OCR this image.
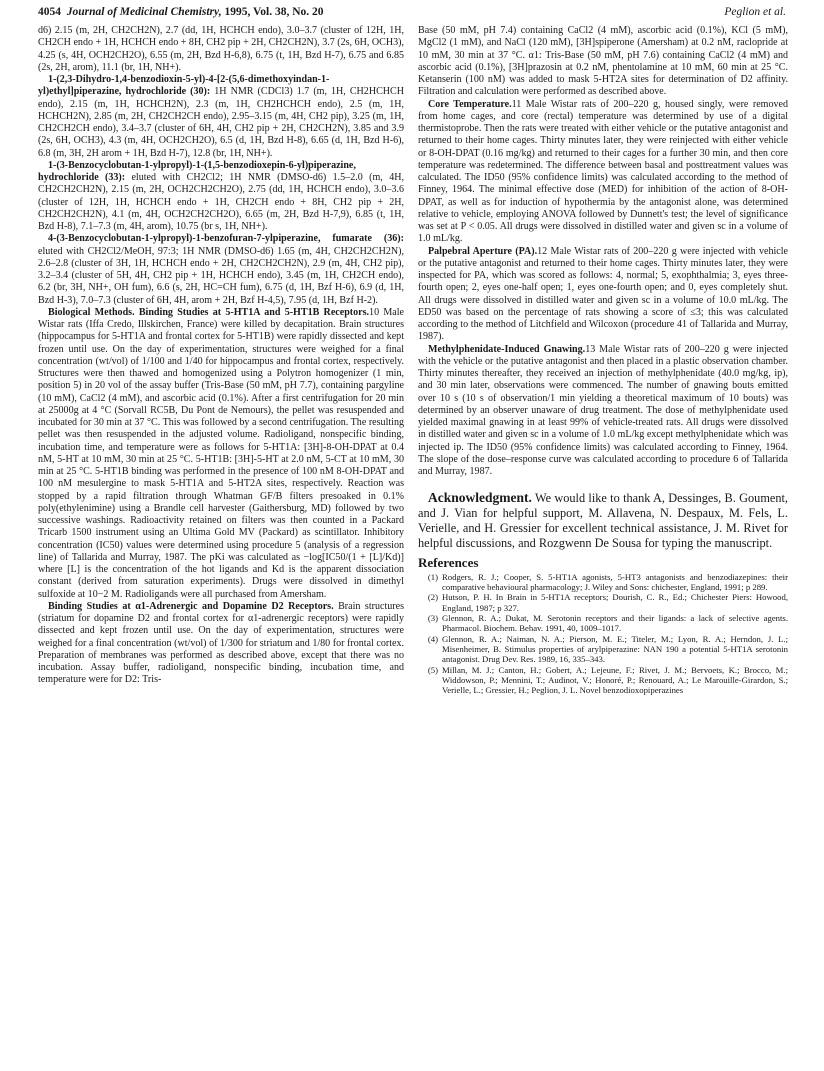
4054 Journal of Medicinal Chemistry, 1995, Vol. 38, No. 20	Peglion et al.

d6) 2.15 (m, 2H, CH2CH2N), 2.7 (dd, 1H, HCHCH endo), 3.0–3.7 (cluster of 12H, 1H, CH2CH endo + 1H, HCHCH endo + 8H, CH2 pip + 2H, CH2CH2N), 3.7 (2s, 6H, OCH3), 4.25 (s, 4H, OCH2CH2O), 6.55 (m, 2H, Bzd H-6,8), 6.75 (t, 1H, Bzd H-7), 6.75 and 6.85 (2s, 2H, arom), 11.1 (br, 1H, NH+).

1-(2,3-Dihydro-1,4-benzodioxin-5-yl)-4-[2-(5,6-dimethoxyindan-1-yl)ethyl]piperazine, hydrochloride (30): 1H NMR (CDCl3) 1.7 (m, 1H, CH2HCHCH endo), 2.15 (m, 1H, HCHCH2N), 2.3 (m, 1H, CH2HCHCH endo), 2.5 (m, 1H, HCHCH2N), 2.85 (m, 2H, CH2CH2CH endo), 2.95–3.15 (m, 4H, CH2 pip), 3.25 (m, 1H, CH2CH2CH endo), 3.4–3.7 (cluster of 6H, 4H, CH2 pip + 2H, CH2CH2N), 3.85 and 3.9 (2s, 6H, OCH3), 4.3 (m, 4H, OCH2CH2O), 6.5 (d, 1H, Bzd H-8), 6.65 (d, 1H, Bzd H-6), 6.8 (m, 3H, 2H arom + 1H, Bzd H-7), 12.8 (br, 1H, NH+).

1-(3-Benzocyclobutan-1-ylpropyl)-1-(1,5-benzodioxepin-6-yl)piperazine, hydrochloride (33): eluted with CH2Cl2; 1H NMR (DMSO-d6) 1.5–2.0 (m, 4H, CH2CH2CH2N), 2.15 (m, 2H, OCH2CH2CH2O), 2.75 (dd, 1H, HCHCH endo), 3.0–3.6 (cluster of 12H, 1H, HCHCH endo + 1H, CH2CH endo + 8H, CH2 pip + 2H, CH2CH2CH2N), 4.1 (m, 4H, OCH2CH2CH2O), 6.65 (m, 2H, Bzd H-7,9), 6.85 (t, 1H, Bzd H-8), 7.1–7.3 (m, 4H, arom), 10.75 (br s, 1H, NH+).

4-(3-Benzocyclobutan-1-ylpropyl)-1-benzofuran-7-ylpiperazine, fumarate (36): eluted with CH2Cl2/MeOH, 97:3; 1H NMR (DMSO-d6) 1.65 (m, 4H, CH2CH2CH2N), 2.6–2.8 (cluster of 3H, 1H, HCHCH endo + 2H, CH2CH2CH2N), 2.9 (m, 4H, CH2 pip), 3.2–3.4 (cluster of 5H, 4H, CH2 pip + 1H, HCHCH endo), 3.45 (m, 1H, CH2CH endo), 6.2 (br, 3H, NH+, OH fum), 6.6 (s, 2H, HC=CH fum), 6.75 (d, 1H, Bzf H-6), 6.9 (d, 1H, Bzd H-3), 7.0–7.3 (cluster of 6H, 4H, arom + 2H, Bzf H-4,5), 7.95 (d, 1H, Bzf H-2).

Biological Methods. Binding Studies at 5-HT1A and 5-HT1B Receptors.10 Male Wistar rats (Iffa Credo, Illskirchen, France) were killed by decapitation. Brain structures (hippocampus for 5-HT1A and frontal cortex for 5-HT1B) were rapidly dissected and kept frozen until use. On the day of experimentation, structures were weighed for a final concentration (wt/vol) of 1/100 and 1/40 for hippocampus and frontal cortex, respectively. Structures were then thawed and homogenized using a Polytron homogenizer (1 min, position 5) in 20 vol of the assay buffer (Tris-Base (50 mM, pH 7.7), containing pargyline (10 mM), CaCl2 (4 mM), and ascorbic acid (0.1%). After a first centrifugation for 20 min at 25000g at 4 °C (Sorvall RC5B, Du Pont de Nemours), the pellet was resuspended and incubated for 30 min at 37 °C. This was followed by a second centrifugation. The resulting pellet was then resuspended in the adjusted volume. Radioligand, nonspecific binding, incubation time, and temperature were as follows for 5-HT1A: [3H]-8-OH-DPAT at 0.4 nM, 5-HT at 10 mM, 30 min at 25 °C. 5-HT1B: [3H]-5-HT at 2.0 nM, 5-CT at 10 mM, 30 min at 25 °C. 5-HT1B binding was performed in the presence of 100 nM 8-OH-DPAT and 100 nM mesulergine to mask 5-HT1A and 5-HT2A sites, respectively. Reaction was stopped by a rapid filtration through Whatman GF/B filters presoaked in 0.1% poly(ethylenimine) using a Brandle cell harvester (Gaithersburg, MD) followed by two successive washings. Radioactivity retained on filters was then counted in a Packard Tricarb 1500 instrument using an Ultima Gold MV (Packard) as scintillator. Inhibitory concentration (IC50) values were determined using procedure 5 (analysis of a regression line) of Tallarida and Murray, 1987. The pKi was calculated as −log[IC50/(1 + [L]/Kd)] where [L] is the concentration of the hot ligands and Kd is the apparent dissociation constant (derived from saturation experiments). Drugs were dissolved in dimethyl sulfoxide at 10−2 M. Radioligands were all purchased from Amersham.

Binding Studies at α1-Adrenergic and Dopamine D2 Receptors. Brain structures (striatum for dopamine D2 and frontal cortex for α1-adrenergic receptors) were rapidly dissected and kept frozen until use. On the day of experimentation, structures were weighed for a final concentration (wt/vol) of 1/300 for striatum and 1/80 for frontal cortex. Preparation of membranes was performed as described above, except that there was no incubation. Assay buffer, radioligand, nonspecific binding, incubation time, and temperature were for D2: Tris-

Base (50 mM, pH 7.4) containing CaCl2 (4 mM), ascorbic acid (0.1%), KCl (5 mM), MgCl2 (1 mM), and NaCl (120 mM), [3H]spiperone (Amersham) at 0.2 nM, raclopride at 10 mM, 30 min at 37 °C. α1: Tris-Base (50 mM, pH 7.6) containing CaCl2 (4 mM) and ascorbic acid (0.1%), [3H]prazosin at 0.2 nM, phentolamine at 10 mM, 60 min at 25 °C. Ketanserin (100 nM) was added to mask 5-HT2A sites for determination of D2 affinity. Filtration and calculation were performed as described above.

Core Temperature.11 Male Wistar rats of 200–220 g, housed singly, were removed from home cages, and core (rectal) temperature was determined by use of a digital thermistoprobe. Then the rats were treated with either vehicle or the putative antagonist and returned to their home cages. Thirty minutes later, they were reinjected with either vehicle or 8-OH-DPAT (0.16 mg/kg) and returned to their cages for a further 30 min, and then core temperature was redetermined. The difference between basal and posttreatment values was calculated. The ID50 (95% confidence limits) was calculated according to the method of Finney, 1964. The minimal effective dose (MED) for inhibition of the action of 8-OH-DPAT, as well as for induction of hypothermia by the antagonist alone, was determined relative to vehicle, employing ANOVA followed by Dunnett's test; the level of significance was set at P < 0.05. All drugs were dissolved in distilled water and given sc in a volume of 1.0 mL/kg.

Palpebral Aperture (PA).12 Male Wistar rats of 200–220 g were injected with vehicle or the putative antagonist and returned to their home cages. Thirty minutes later, they were inspected for PA, which was scored as follows: 4, normal; 5, exophthalmia; 3, eyes three-fourth open; 2, eyes one-half open; 1, eyes one-fourth open; and 0, eyes completely shut. All drugs were dissolved in distilled water and given sc in a volume of 10.0 mL/kg. The ED50 was based on the percentage of rats showing a score of ≤3; this was calculated according to the method of Litchfield and Wilcoxon (procedure 41 of Tallarida and Murray, 1987).

Methylphenidate-Induced Gnawing.13 Male Wistar rats of 200–220 g were injected with the vehicle or the putative antagonist and then placed in a plastic observation chamber. Thirty minutes thereafter, they received an injection of methylphenidate (40.0 mg/kg, ip), and 30 min later, observations were commenced. The number of gnawing bouts emitted over 10 s (10 s of observation/1 min yielding a theoretical maximum of 10 bouts) was determined by an observer unaware of drug treatment. The dose of methylphenidate used yielded maximal gnawing in at least 99% of vehicle-treated rats. All drugs were dissolved in distilled water and given sc in a volume of 1.0 mL/kg except methylphenidate which was injected ip. The ID50 (95% confidence limits) was calculated according to Finney, 1964. The slope of the dose–response curve was calculated according to procedure 6 of Tallarida and Murray, 1987.

Acknowledgment. We would like to thank A, Dessinges, B. Goument, and J. Vian for helpful support, M. Allavena, N. Despaux, M. Fels, L. Verielle, and H. Gressier for excellent technical assistance, J. M. Rivet for helpful discussions, and Rozgwenn De Sousa for typing the manuscript.
References
(1) Rodgers, R. J.; Cooper, S. 5-HT1A agonists, 5-HT3 antagonists and benzodiazepines: their comparative behavioural pharmacology; J. Wiley and Sons: chichester, England, 1991; p 289.
(2) Hutson, P. H. In Brain in 5-HT1A receptors; Dourish, C. R., Ed.; Chichester Piers: Howood, England, 1987; p 327.
(3) Glennon, R. A.; Dukat, M. Serotonin receptors and their ligands: a lack of selective agents. Pharmacol. Biochem. Behav. 1991, 40, 1009–1017.
(4) Glennon, R. A.; Naiman, N. A.; Pierson, M. E.; Titeler, M.; Lyon, R. A.; Herndon, J. L.; Misenheimer, B. Stimulus properties of arylpiperazine: NAN 190 a potential 5-HT1A serotonin antagonist. Drug Dev. Res. 1989, 16, 335–343.
(5) Millan, M. J.; Canton, H.; Gobert, A.; Lejeune, F.; Rivet, J. M.; Bervoets, K.; Brocco, M.; Widdowson, P.; Mennini, T.; Audinot, V.; Honoré, P.; Renouard, A.; Le Marouille-Girardon, S.; Verielle, L.; Gressier, H.; Peglion, J. L. Novel benzodioxopiperazines
